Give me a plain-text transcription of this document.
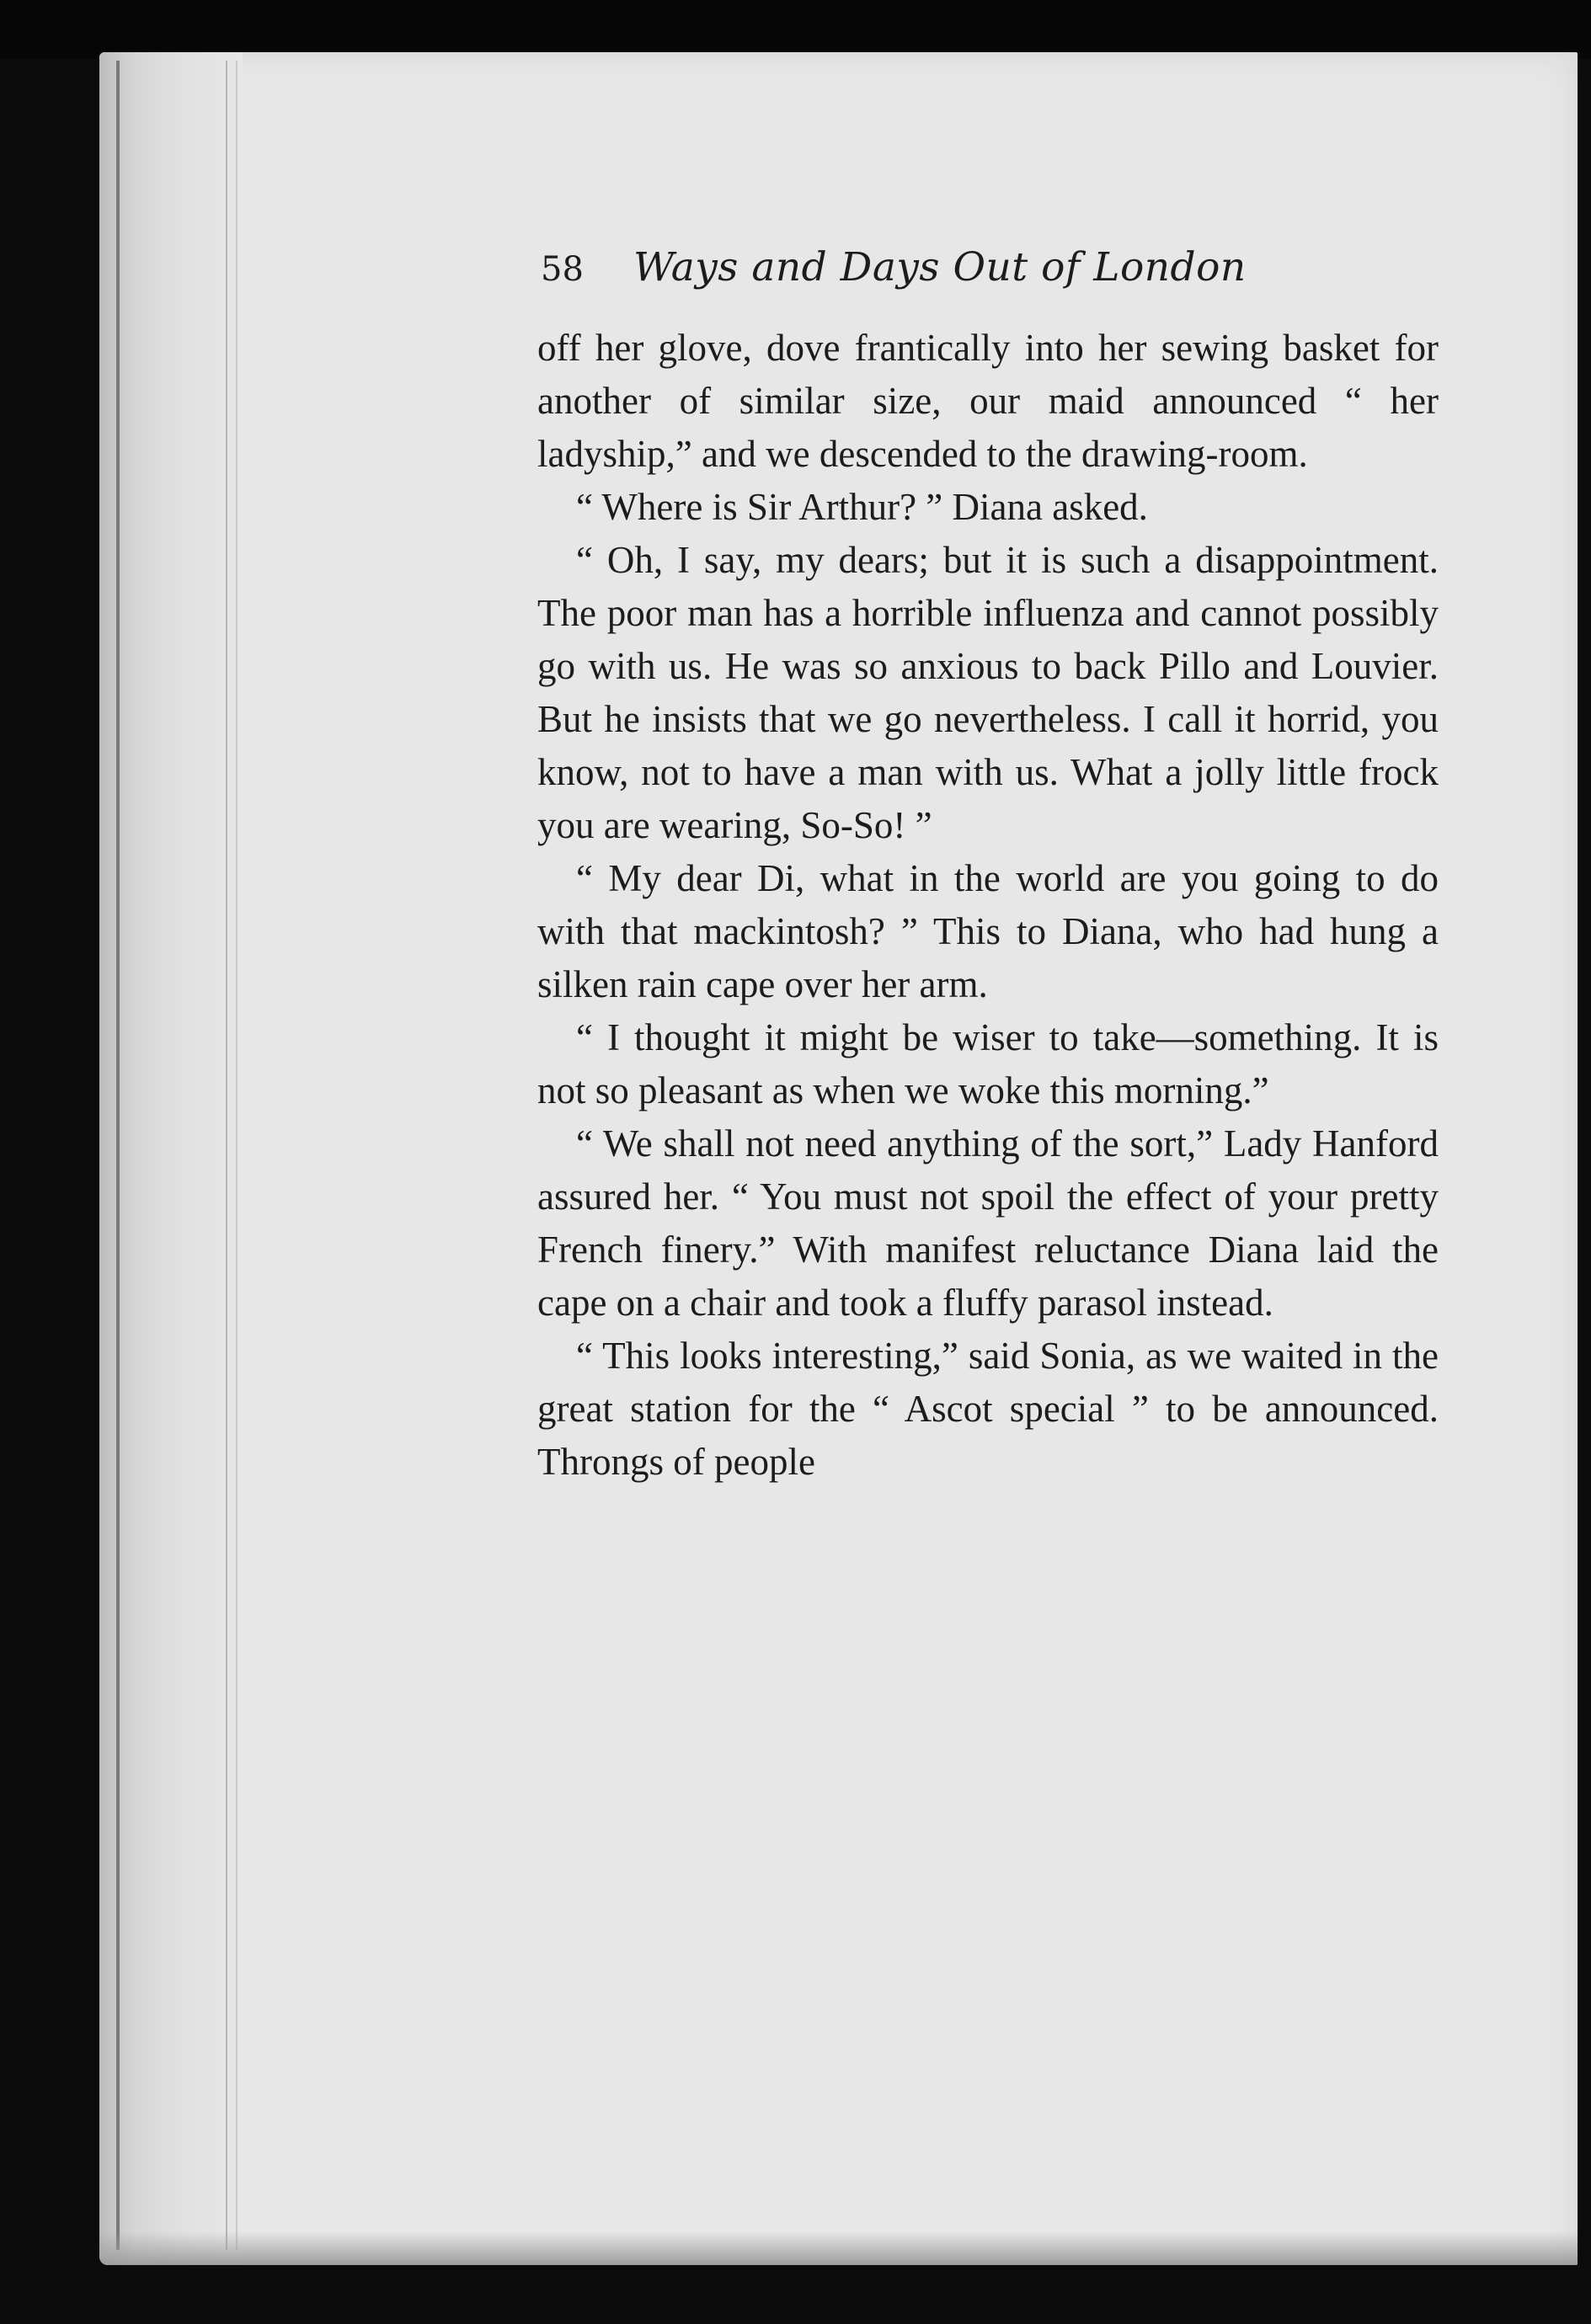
58	Ways and Days Out of London

off her glove, dove frantically into her sewing basket for another of similar size, our maid announced “ her ladyship,” and we descended to the drawing-room.

“ Where is Sir Arthur? ” Diana asked.

“ Oh, I say, my dears; but it is such a disappointment. The poor man has a horrible influenza and cannot possibly go with us. He was so anxious to back Pillo and Louvier. But he insists that we go nevertheless. I call it horrid, you know, not to have a man with us. What a jolly little frock you are wearing, So-So! ”

“ My dear Di, what in the world are you going to do with that mackintosh? ” This to Diana, who had hung a silken rain cape over her arm.

“ I thought it might be wiser to take—something. It is not so pleasant as when we woke this morning.”

“ We shall not need anything of the sort,” Lady Hanford assured her. “ You must not spoil the effect of your pretty French finery.” With manifest reluctance Diana laid the cape on a chair and took a fluffy parasol instead.

“ This looks interesting,” said Sonia, as we waited in the great station for the “ Ascot special ” to be announced. Throngs of people
